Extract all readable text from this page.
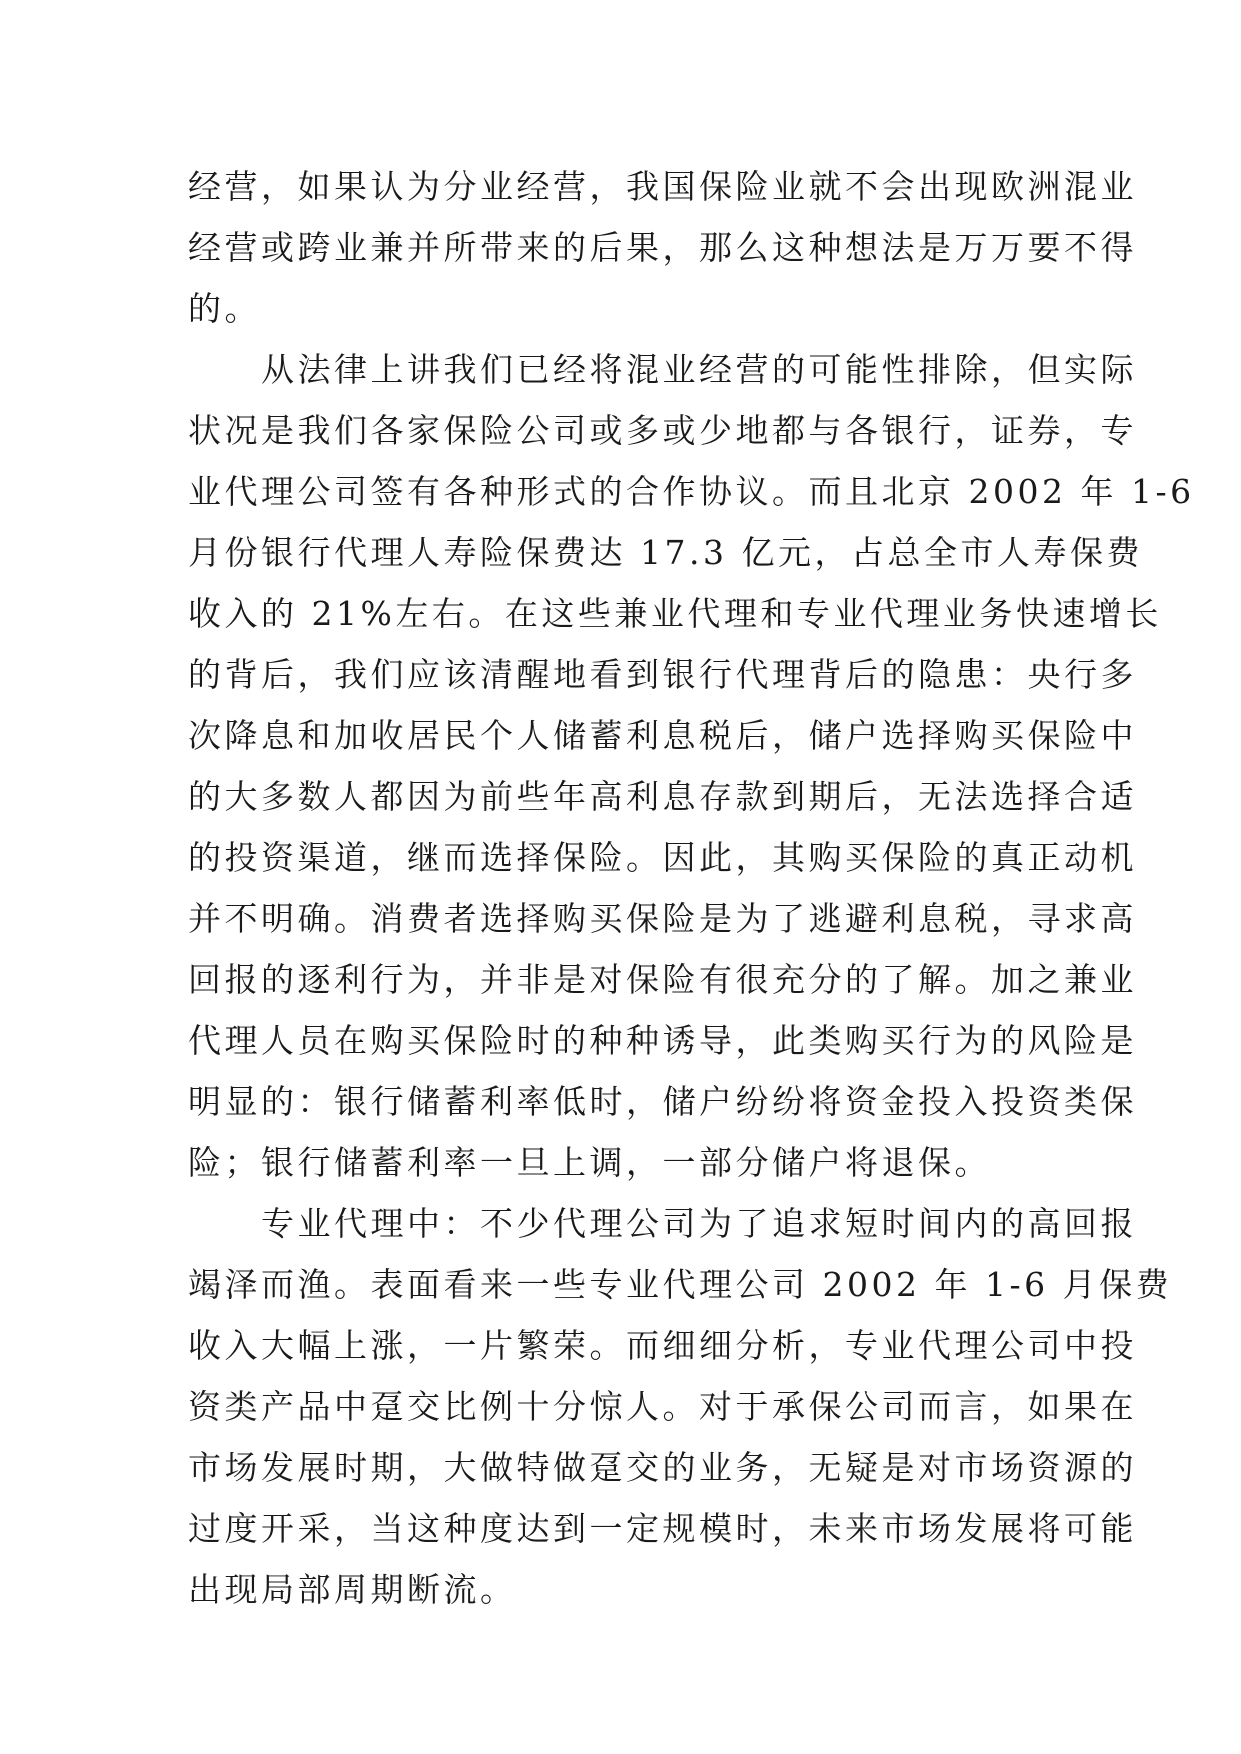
经营，如果认为分业经营，我国保险业就不会出现欧洲混业
经营或跨业兼并所带来的后果，那么这种想法是万万要不得
的。
　　从法律上讲我们已经将混业经营的可能性排除，但实际
状况是我们各家保险公司或多或少地都与各银行，证券，专
业代理公司签有各种形式的合作协议。而且北京 2002 年 1-6
月份银行代理人寿险保费达 17.3 亿元，占总全市人寿保费
收入的 21%左右。在这些兼业代理和专业代理业务快速增长
的背后，我们应该清醒地看到银行代理背后的隐患：央行多
次降息和加收居民个人储蓄利息税后，储户选择购买保险中
的大多数人都因为前些年高利息存款到期后，无法选择合适
的投资渠道，继而选择保险。因此，其购买保险的真正动机
并不明确。消费者选择购买保险是为了逃避利息税，寻求高
回报的逐利行为，并非是对保险有很充分的了解。加之兼业
代理人员在购买保险时的种种诱导，此类购买行为的风险是
明显的：银行储蓄利率低时，储户纷纷将资金投入投资类保
险；银行储蓄利率一旦上调，一部分储户将退保。
　　专业代理中：不少代理公司为了追求短时间内的高回报
竭泽而渔。表面看来一些专业代理公司 2002 年 1-6 月保费
收入大幅上涨，一片繁荣。而细细分析，专业代理公司中投
资类产品中趸交比例十分惊人。对于承保公司而言，如果在
市场发展时期，大做特做趸交的业务，无疑是对市场资源的
过度开采，当这种度达到一定规模时，未来市场发展将可能
出现局部周期断流。
